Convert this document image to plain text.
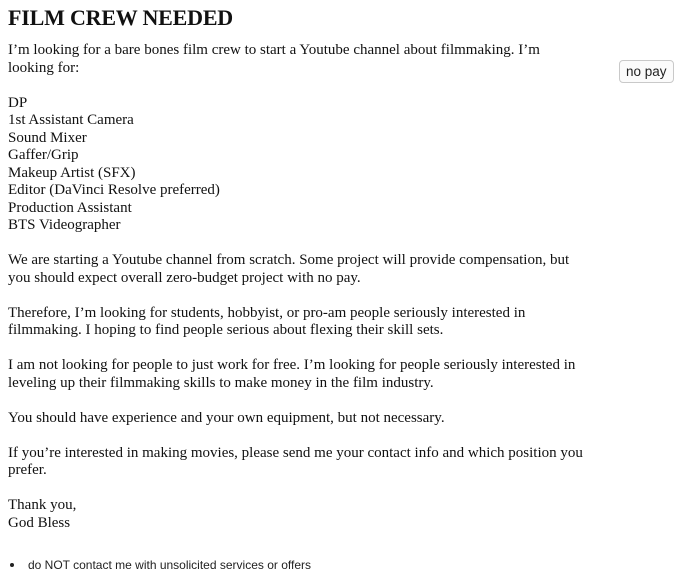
FILM CREW NEEDED
no pay

I’m looking for a bare bones film crew to start a Youtube channel about filmmaking. I’m
looking for:

DP
1st Assistant Camera
Sound Mixer
Gaffer/Grip
Makeup Artist (SFX)
Editor (DaVinci Resolve preferred)
Production Assistant
BTS Videographer

We are starting a Youtube channel from scratch. Some project will provide compensation, but
you should expect overall zero-budget project with no pay.

Therefore, I’m looking for students, hobbyist, or pro-am people seriously interested in
filmmaking. I hoping to find people serious about flexing their skill sets.

I am not looking for people to just work for free. I’m looking for people seriously interested in
leveling up their filmmaking skills to make money in the film industry.

You should have experience and your own equipment, but not necessary.

If you’re interested in making movies, please send me your contact info and which position you
prefer.

Thank you,
God Bless

do NOT contact me with unsolicited services or offers
